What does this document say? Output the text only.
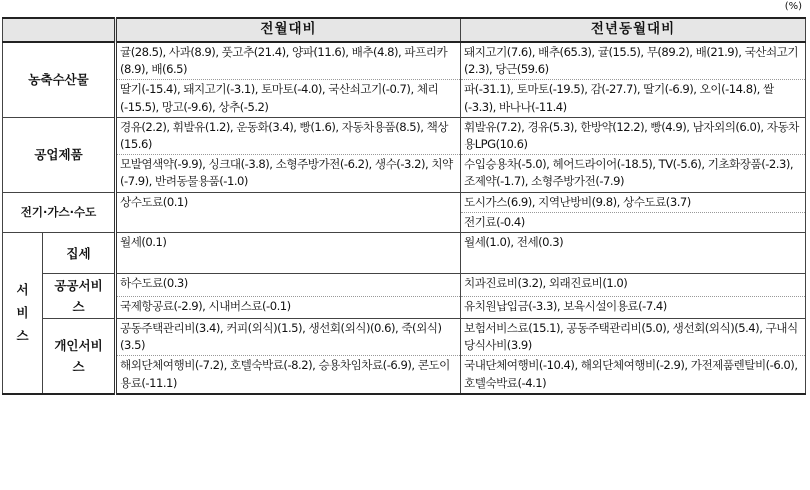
(%)
		전월대비	전년동월대비
농축수산물		귤(28.5), 사과(8.9), 풋고추(21.4), 양파(11.6), 배추(4.8), 파프리카(8.9), 배(6.5)	돼지고기(7.6), 배추(65.3), 귤(15.5), 무(89.2), 배(21.9), 국산쇠고기(2.3), 당근(59.6)
		딸기(-15.4), 돼지고기(-3.1), 토마토(-4.0), 국산쇠고기(-0.7), 체리(-15.5), 망고(-9.6), 상추(-5.2)	파(-31.1), 토마토(-19.5), 감(-27.7), 딸기(-6.9), 오이(-14.8), 쌀(-3.3), 바나나(-11.4)
공업제품		경유(2.2), 휘발유(1.2), 운동화(3.4), 빵(1.6), 자동차용품(8.5), 책상(15.6)	휘발유(7.2), 경유(5.3), 한방약(12.2), 빵(4.9), 남자외의(6.0), 자동차용LPG(10.6)
		모발염색약(-9.9), 싱크대(-3.8), 소형주방가전(-6.2), 생수(-3.2), 치약(-7.9), 반려동물용품(-1.0)	수입승용차(-5.0), 헤어드라이어(-18.5), TV(-5.6), 기초화장품(-2.3), 조제약(-1.7), 소형주방가전(-7.9)
전기·가스·수도		상수도료(0.1)	도시가스(6.9), 지역난방비(9.8), 상수도료(3.7)
			전기료(-0.4)
서비스	집세	월세(0.1)	월세(1.0), 전세(0.3)
	공공서비스	하수도료(0.3)	치과진료비(3.2), 외래진료비(1.0)
		국제항공료(-2.9), 시내버스료(-0.1)	유치원납입금(-3.3), 보육시설이용료(-7.4)
	개인서비스	공동주택관리비(3.4), 커피(외식)(1.5), 생선회(외식)(0.6), 죽(외식)(3.5)	보험서비스료(15.1), 공동주택관리비(5.0), 생선회(외식)(5.4), 구내식당식사비(3.9)
		해외단체여행비(-7.2), 호텔숙박료(-8.2), 승용차임차료(-6.9), 콘도이용료(-11.1)	국내단체여행비(-10.4), 해외단체여행비(-2.9), 가전제품렌탈비(-6.0), 호텔숙박료(-4.1)
